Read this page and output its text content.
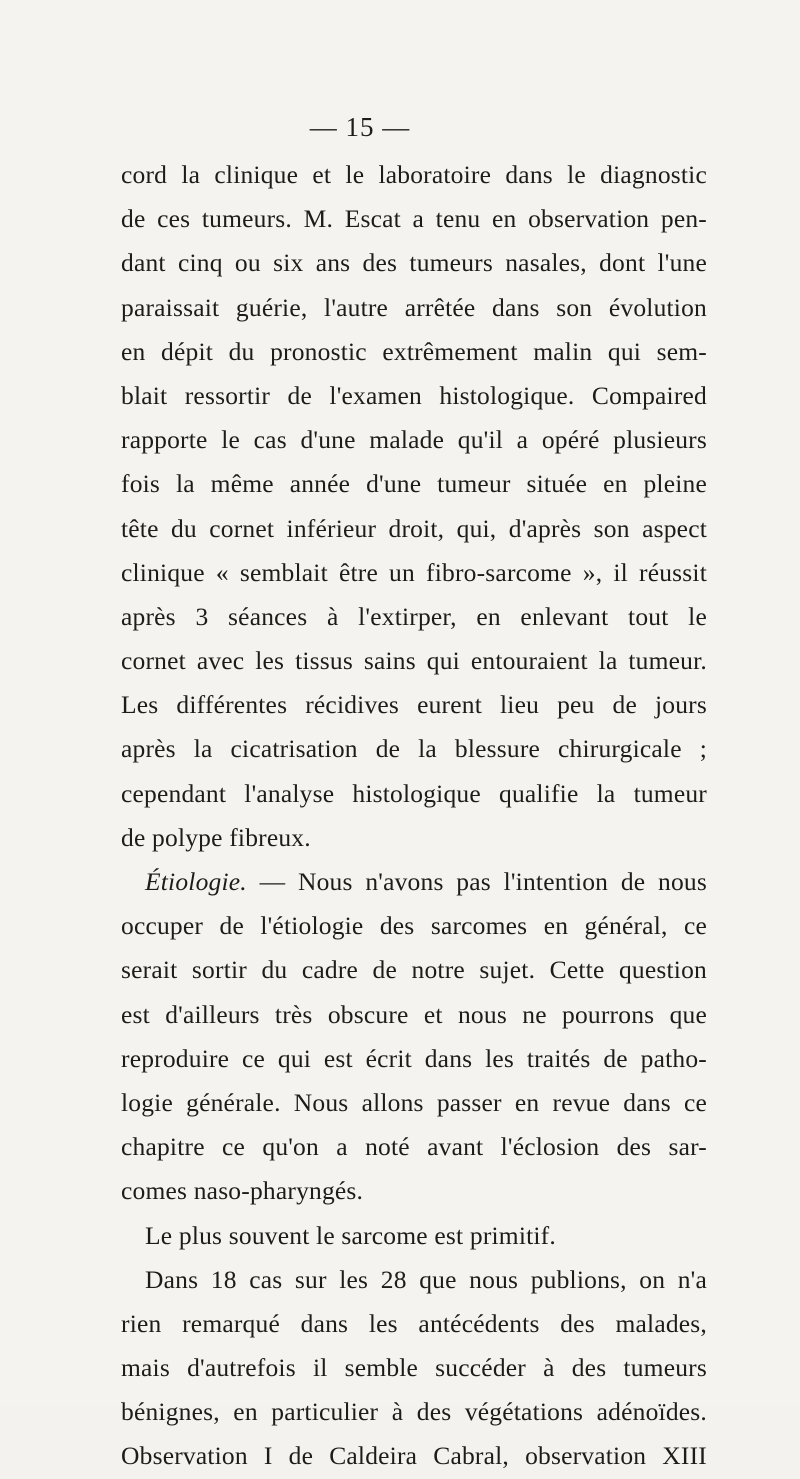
— 15 —
cord la clinique et le laboratoire dans le diagnostic
de ces tumeurs. M. Escat a tenu en observation pen-
dant cinq ou six ans des tumeurs nasales, dont l'une
paraissait guérie, l'autre arrêtée dans son évolution
en dépit du pronostic extrêmement malin qui sem-
blait ressortir de l'examen histologique. Compaired
rapporte le cas d'une malade qu'il a opéré plusieurs
fois la même année d'une tumeur située en pleine
tête du cornet inférieur droit, qui, d'après son aspect
clinique « semblait être un fibro-sarcome », il réussit
après 3 séances à l'extirper, en enlevant tout le
cornet avec les tissus sains qui entouraient la tumeur.
Les différentes récidives eurent lieu peu de jours
après la cicatrisation de la blessure chirurgicale ;
cependant l'analyse histologique qualifie la tumeur
de polype fibreux.
Étiologie. — Nous n'avons pas l'intention de nous
occuper de l'étiologie des sarcomes en général, ce
serait sortir du cadre de notre sujet. Cette question
est d'ailleurs très obscure et nous ne pourrons que
reproduire ce qui est écrit dans les traités de patho-
logie générale. Nous allons passer en revue dans ce
chapitre ce qu'on a noté avant l'éclosion des sar-
comes naso-pharyngés.
Le plus souvent le sarcome est primitif.
Dans 18 cas sur les 28 que nous publions, on n'a
rien remarqué dans les antécédents des malades,
mais d'autrefois il semble succéder à des tumeurs
bénignes, en particulier à des végétations adénoïdes.
Observation I de Caldeira Cabral, observation XIII
